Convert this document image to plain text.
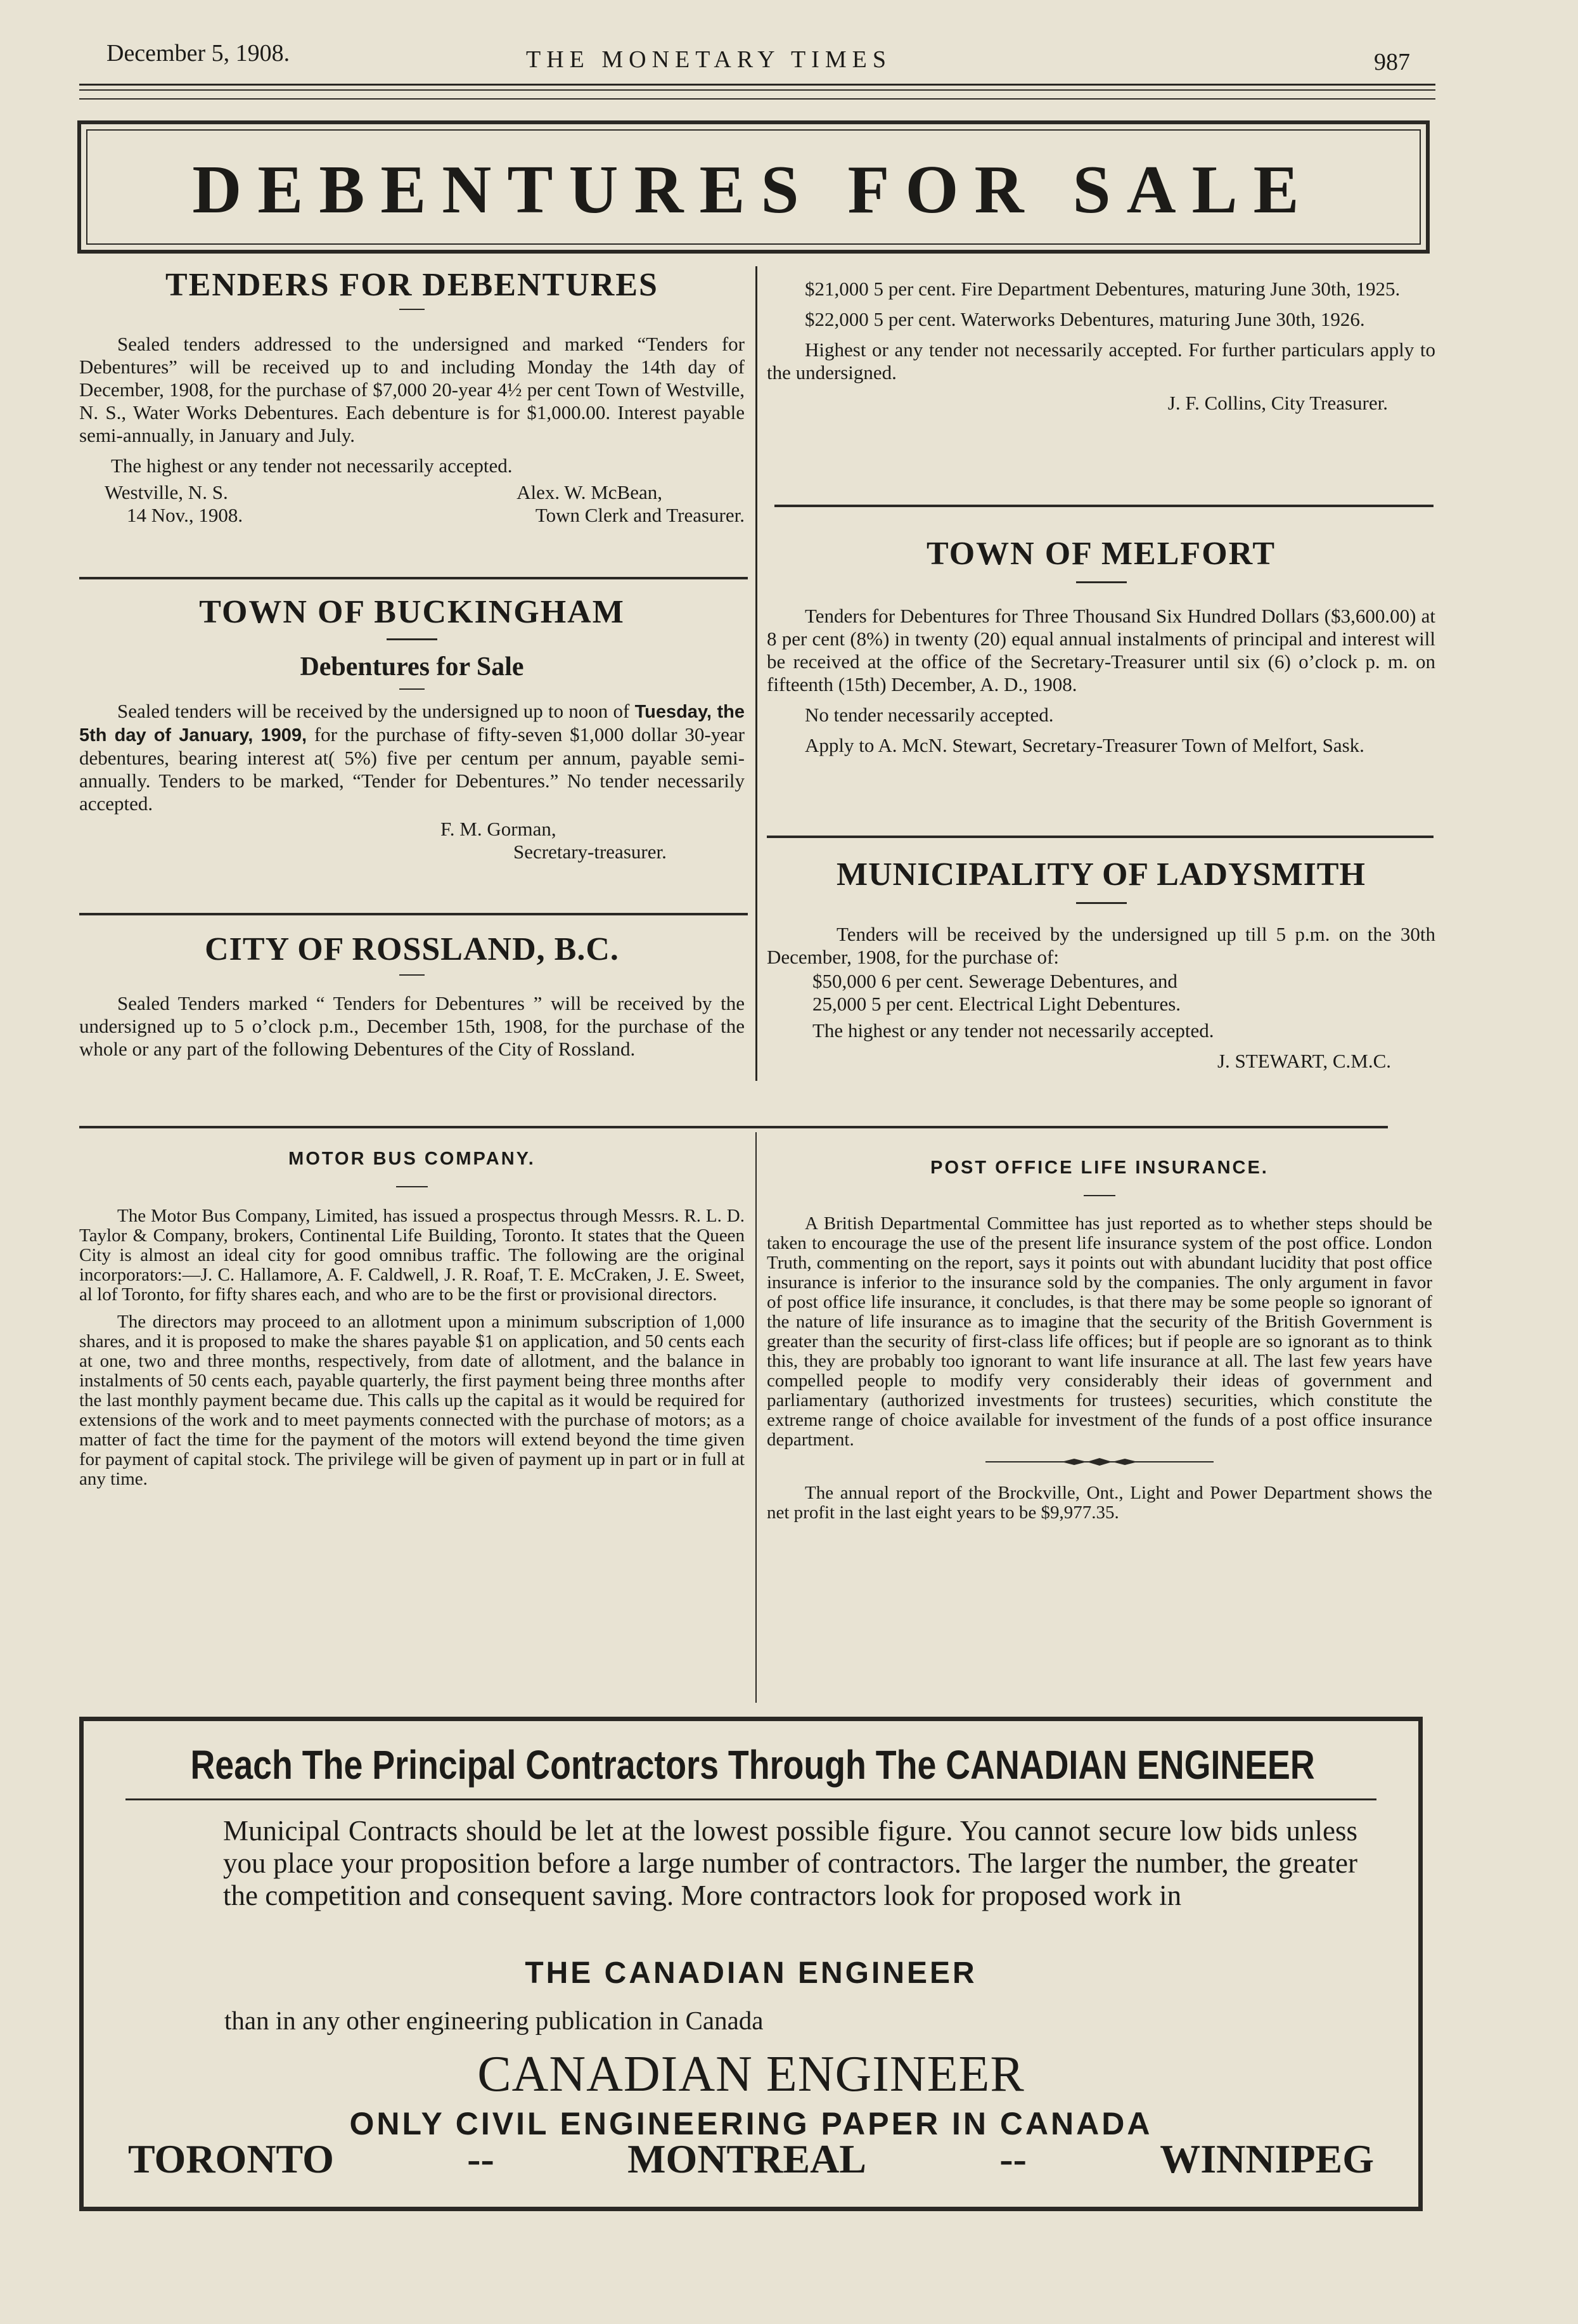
December 5, 1908.	THE MONETARY TIMES	987
DEBENTURES FOR SALE
TENDERS FOR DEBENTURES

Sealed tenders addressed to the undersigned and marked “Tenders for Debentures” will be received up to and including Monday the 14th day of December, 1908, for the purchase of $7,000 20-year 4½ per cent Town of Westville, N. S., Water Works Debentures. Each debenture is for $1,000.00. Interest payable semi-annually, in January and July.

The highest or any tender not necessarily accepted.
Westville, N. S.	Alex. W. McBean,
14 Nov., 1908.	Town Clerk and Treasurer.
TOWN OF BUCKINGHAM
Debentures for Sale

Sealed tenders will be received by the undersigned up to noon of Tuesday, the 5th day of January, 1909, for the purchase of fifty-seven $1,000 dollar 30-year debentures, bearing interest at( 5%) five per centum per annum, payable semi-annually. Tenders to be marked, “Tender for Debentures.” No tender necessarily accepted.

F. M. Gorman,
Secretary-treasurer.
CITY OF ROSSLAND, B.C.

Sealed Tenders marked “ Tenders for Debentures ” will be received by the undersigned up to 5 o’clock p.m., December 15th, 1908, for the purchase of the whole or any part of the following Debentures of the City of Rossland.

$21,000 5 per cent. Fire Department Debentures, maturing June 30th, 1925.

$22,000 5 per cent. Waterworks Debentures, maturing June 30th, 1926.

Highest or any tender not necessarily accepted. For further particulars apply to the undersigned.

J. F. Collins, City Treasurer.
TOWN OF MELFORT

Tenders for Debentures for Three Thousand Six Hundred Dollars ($3,600.00) at 8 per cent (8%) in twenty (20) equal annual instalments of principal and interest will be received at the office of the Secretary-Treasurer until six (6) o’clock p. m. on fifteenth (15th) December, A. D., 1908.

No tender necessarily accepted.

Apply to A. McN. Stewart, Secretary-Treasurer Town of Melfort, Sask.

MUNICIPALITY OF LADYSMITH

Tenders will be received by the undersigned up till 5 p.m. on the 30th December, 1908, for the purchase of:

$50,000 6 per cent. Sewerage Debentures, and
25,000 5 per cent. Electrical Light Debentures.
The highest or any tender not necessarily accepted.
J. STEWART, C.M.C.
MOTOR BUS COMPANY.

The Motor Bus Company, Limited, has issued a prospectus through Messrs. R. L. D. Taylor & Company, brokers, Continental Life Building, Toronto. It states that the Queen City is almost an ideal city for good omnibus traffic. The following are the original incorporators:—J. C. Hallamore, A. F. Caldwell, J. R. Roaf, T. E. McCraken, J. E. Sweet, al lof Toronto, for fifty shares each, and who are to be the first or provisional directors.

The directors may proceed to an allotment upon a minimum subscription of 1,000 shares, and it is proposed to make the shares payable $1 on application, and 50 cents each at one, two and three months, respectively, from date of allotment, and the balance in instalments of 50 cents each, payable quarterly, the first payment being three months after the last monthly payment became due. This calls up the capital as it would be required for extensions of the work and to meet payments connected with the purchase of motors; as a matter of fact the time for the payment of the motors will extend beyond the time given for payment of capital stock. The privilege will be given of payment up in part or in full at any time.

POST OFFICE LIFE INSURANCE.

A British Departmental Committee has just reported as to whether steps should be taken to encourage the use of the present life insurance system of the post office. London Truth, commenting on the report, says it points out with abundant lucidity that post office insurance is inferior to the insurance sold by the companies. The only argument in favor of post office life insurance, it concludes, is that there may be some people so ignorant of the nature of life insurance as to imagine that the security of the British Government is greater than the security of first-class life offices; but if people are so ignorant as to think this, they are probably too ignorant to want life insurance at all. The last few years have compelled people to modify very considerably their ideas of government and parliamentary (authorized investments for trustees) securities, which constitute the extreme range of choice available for investment of the funds of a post office insurance department.

The annual report of the Brockville, Ont., Light and Power Department shows the net profit in the last eight years to be $9,977.35.

Reach The Principal Contractors Through The CANADIAN ENGINEER
Municipal Contracts should be let at the lowest possible figure. You cannot secure low bids unless you place your proposition before a large number of contractors. The larger the number, the greater the competition and consequent saving. More contractors look for proposed work in
THE CANADIAN ENGINEER
than in any other engineering publication in Canada
CANADIAN ENGINEER
ONLY CIVIL ENGINEERING PAPER IN CANADA
TORONTO	--	MONTREAL	--	WINNIPEG
